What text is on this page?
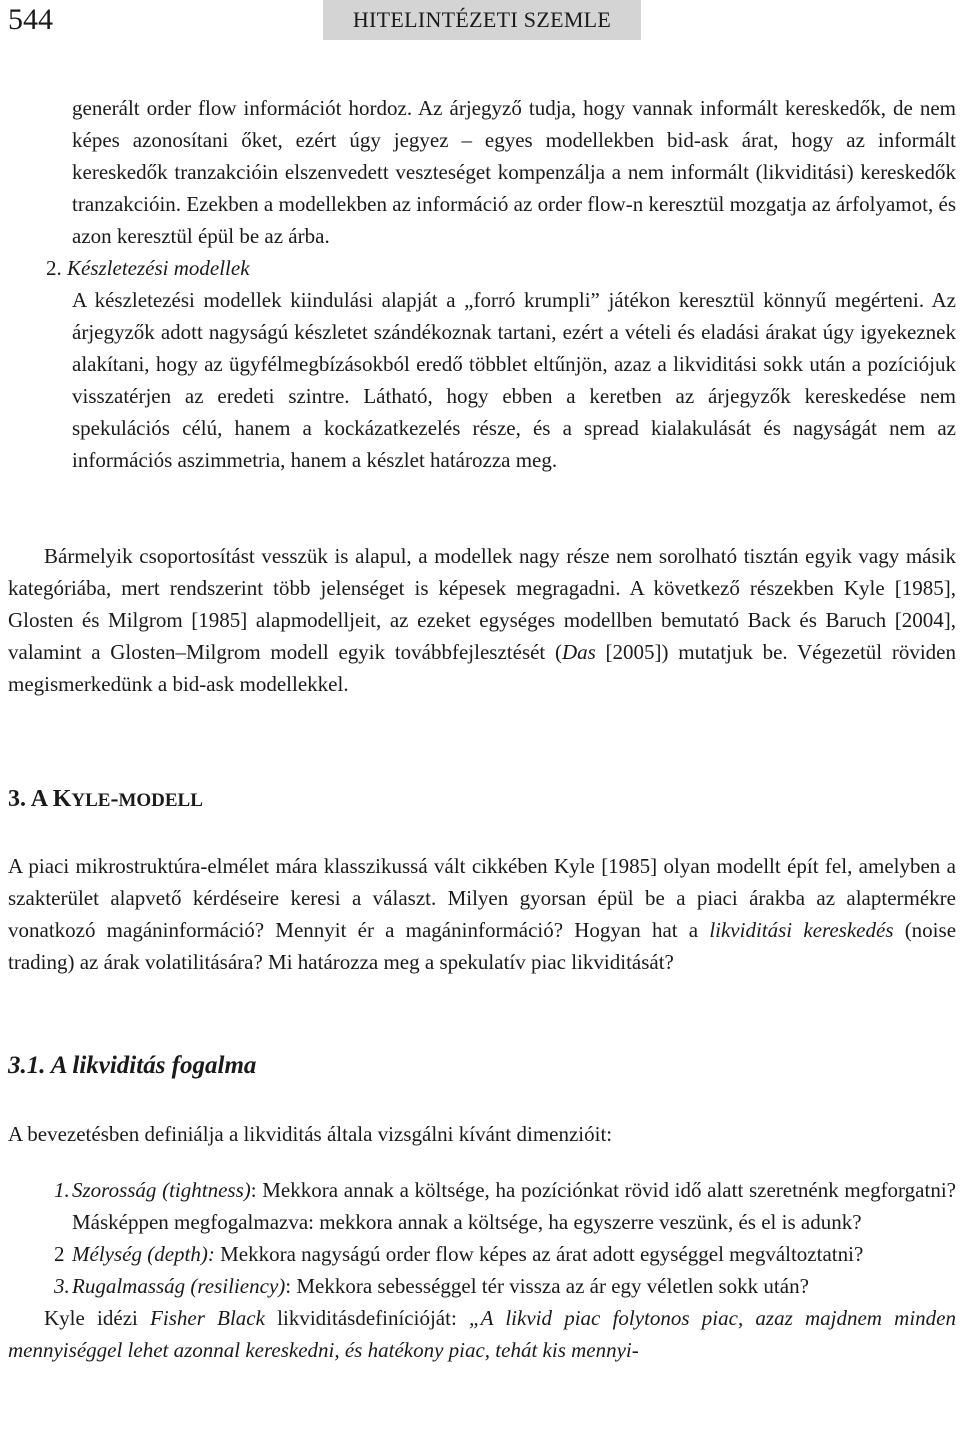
544	HITELINTÉZETI SZEMLE

generált order flow információt hordoz. Az árjegyző tudja, hogy vannak informált kereskedők, de nem képes azonosítani őket, ezért úgy jegyez – egyes modellekben bid-ask árat, hogy az informált kereskedők tranzakcióin elszenvedett veszteséget kompenzálja a nem informált (likviditási) kereskedők tranzakcióin. Ezekben a modellekben az információ az order flow-n keresztül mozgatja az árfolyamot, és azon keresztül épül be az árba.

2. Készletezési modellek

A készletezési modellek kiindulási alapját a „forró krumpli” játékon keresztül könnyű megérteni. Az árjegyzők adott nagyságú készletet szándékoznak tartani, ezért a vételi és eladási árakat úgy igyekeznek alakítani, hogy az ügyfélmegbízásokból eredő többlet eltűnjön, azaz a likviditási sokk után a pozíciójuk visszatérjen az eredeti szintre. Látható, hogy ebben a keretben az árjegyzők kereskedése nem spekulációs célú, hanem a kockázatkezelés része, és a spread kialakulását és nagyságát nem az információs aszimmetria, hanem a készlet határozza meg.

Bármelyik csoportosítást vesszük is alapul, a modellek nagy része nem sorolható tisztán egyik vagy másik kategóriába, mert rendszerint több jelenséget is képesek megragadni. A következő részekben Kyle [1985], Glosten és Milgrom [1985] alapmodelljeit, az ezeket egységes modellben bemutató Back és Baruch [2004], valamint a Glosten–Milgrom modell egyik továbbfejlesztését (Das [2005]) mutatjuk be. Végezetül röviden megismerkedünk a bid-ask modellekkel.

3. A KYLE-MODELL

A piaci mikrostruktúra-elmélet mára klasszikussá vált cikkében Kyle [1985] olyan modellt épít fel, amelyben a szakterület alapvető kérdéseire keresi a választ. Milyen gyorsan épül be a piaci árakba az alaptermékre vonatkozó magáninformáció? Mennyit ér a magáninformáció? Hogyan hat a likviditási kereskedés (noise trading) az árak volatilitására? Mi határozza meg a spekulatív piac likviditását?

3.1. A likviditás fogalma

A bevezetésben definiálja a likviditás általa vizsgálni kívánt dimenzióit:

1. Szorosság (tightness): Mekkora annak a költsége, ha pozíciónkat rövid idő alatt szeretnénk megforgatni? Másképpen megfogalmazva: mekkora annak a költsége, ha egyszerre veszünk, és el is adunk?

2 Mélység (depth): Mekkora nagyságú order flow képes az árat adott egységgel megváltoztatni?

3. Rugalmasság (resiliency): Mekkora sebességgel tér vissza az ár egy véletlen sokk után?

Kyle idézi Fisher Black likviditásdefinícióját: „A likvid piac folytonos piac, azaz majdnem minden mennyiséggel lehet azonnal kereskedni, és hatékony piac, tehát kis mennyi-
